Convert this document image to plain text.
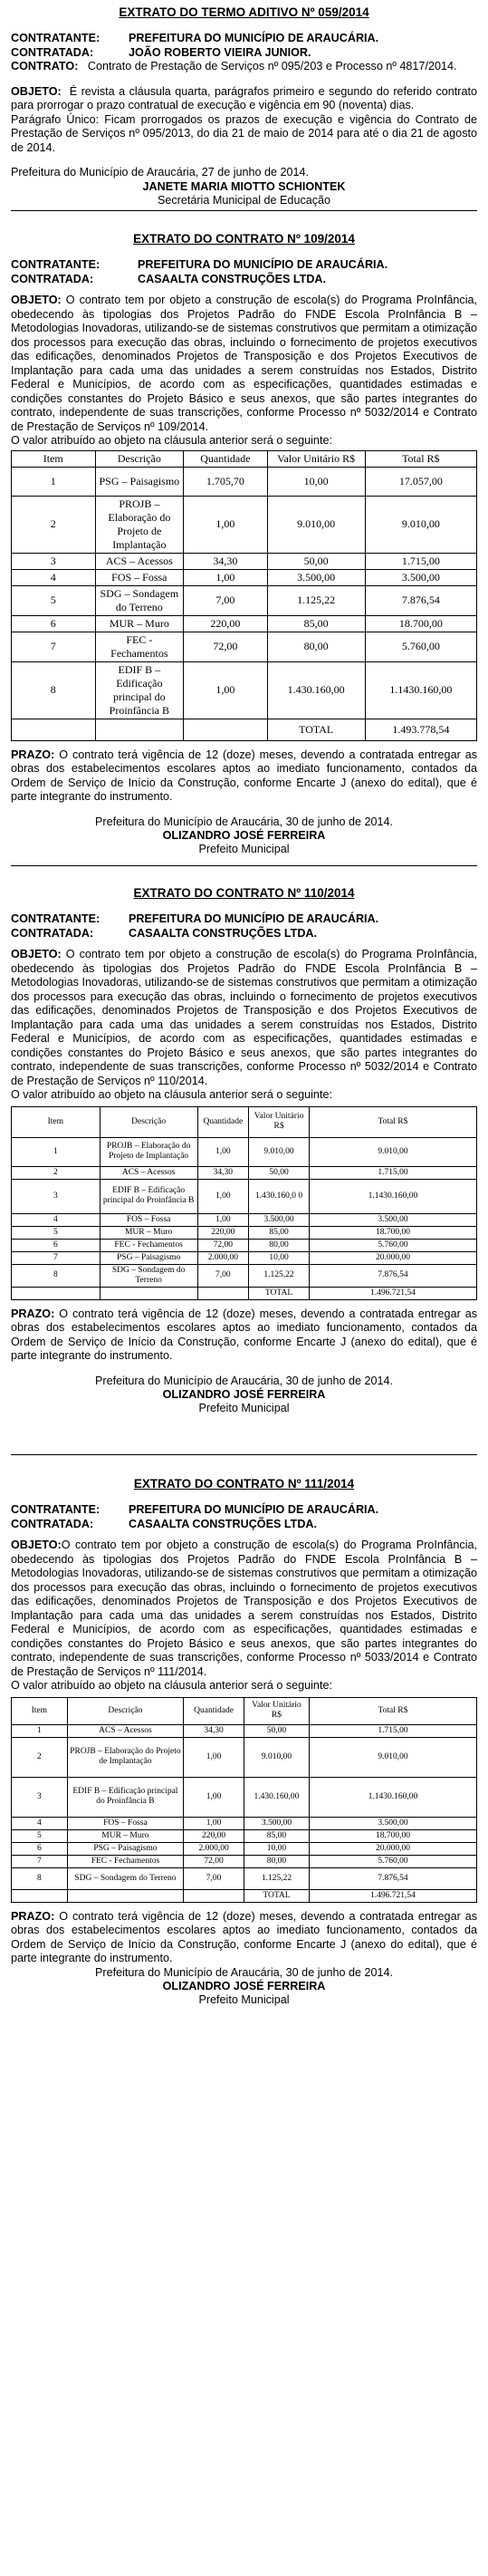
EXTRATO DO TERMO ADITIVO Nº 059/2014
CONTRATANTE:	PREFEITURA DO MUNICÍPIO DE ARAUCÁRIA.
CONTRATADA:	JOÃO ROBERTO VIEIRA JUNIOR.

CONTRATO: Contrato de Prestação de Serviços nº 095/203 e Processo nº 4817/2014.

OBJETO: É revista a cláusula quarta, parágrafos primeiro e segundo do referido contrato para prorrogar o prazo contratual de execução e vigência em 90 (noventa) dias.

Parágrafo Único: Ficam prorrogados os prazos de execução e vigência do Contrato de Prestação de Serviços nº 095/2013, do dia 21 de maio de 2014 para até o dia 21 de agosto de 2014.

Prefeitura do Município de Araucária, 27 de junho de 2014.

JANETE MARIA MIOTTO SCHIONTEK
Secretária Municipal de Educação
EXTRATO DO CONTRATO Nº 109/2014
CONTRATANTE:	PREFEITURA DO MUNICÍPIO DE ARAUCÁRIA.
CONTRATADA:	CASAALTA CONSTRUÇÕES LTDA.

OBJETO: O contrato tem por objeto a construção de escola(s) do Programa ProInfância, obedecendo às tipologias dos Projetos Padrão do FNDE Escola ProInfância B – Metodologias Inovadoras, utilizando-se de sistemas construtivos que permitam a otimização dos processos para execução das obras, incluindo o fornecimento de projetos executivos das edificações, denominados Projetos de Transposição e dos Projetos Executivos de Implantação para cada uma das unidades a serem construídas nos Estados, Distrito Federal e Municípios, de acordo com as especificações, quantidades estimadas e condições constantes do Projeto Básico e seus anexos, que são partes integrantes do contrato, independente de suas transcrições, conforme Processo nº 5032/2014 e Contrato de Prestação de Serviços nº 109/2014.

O valor atribuído ao objeto na cláusula anterior será o seguinte:

Item	Descrição	Quantidade	Valor Unitário R$	Total R$
1	PSG – Paisagismo	1.705,70	10,00	17.057,00
2	PROJB – Elaboração do Projeto de Implantação	1,00	9.010,00	9.010,00
3	ACS – Acessos	34,30	50,00	1.715,00
4	FOS – Fossa	1,00	3.500,00	3.500,00
5	SDG – Sondagem do Terreno	7,00	1.125,22	7.876,54
6	MUR – Muro	220,00	85,00	18.700,00
7	FEC - Fechamentos	72,00	80,00	5.760,00
8	EDIF B – Edificação principal do Proinfância B	1,00	1.430.160,00	1.1430.160,00
			TOTAL	1.493.778,54

PRAZO: O contrato terá vigência de 12 (doze) meses, devendo a contratada entregar as obras dos estabelecimentos escolares aptos ao imediato funcionamento, contados da Ordem de Serviço de Início da Construção, conforme Encarte J (anexo do edital), que é parte integrante do instrumento.

Prefeitura do Município de Araucária, 30 de junho de 2014.
OLIZANDRO JOSÉ FERREIRA
Prefeito Municipal
EXTRATO DO CONTRATO Nº 110/2014
CONTRATANTE:	PREFEITURA DO MUNICÍPIO DE ARAUCÁRIA.
CONTRATADA:	CASAALTA CONSTRUÇÕES LTDA.

OBJETO: O contrato tem por objeto a construção de escola(s) do Programa ProInfância, obedecendo às tipologias dos Projetos Padrão do FNDE Escola ProInfância B – Metodologias Inovadoras, utilizando-se de sistemas construtivos que permitam a otimização dos processos para execução das obras, incluindo o fornecimento de projetos executivos das edificações, denominados Projetos de Transposição e dos Projetos Executivos de Implantação para cada uma das unidades a serem construídas nos Estados, Distrito Federal e Municípios, de acordo com as especificações, quantidades estimadas e condições constantes do Projeto Básico e seus anexos, que são partes integrantes do contrato, independente de suas transcrições, conforme Processo nº 5032/2014 e Contrato de Prestação de Serviços nº 110/2014.

O valor atribuído ao objeto na cláusula anterior será o seguinte:

Item	Descrição	Quantidade	Valor Unitário R$	Total R$
1	PROJB – Elaboração do Projeto de Implantação	1,00	9.010,00	9.010,00
2	ACS – Acessos	34,30	50,00	1.715,00
3	EDIF B – Edificação principal do Proinfância B	1,00	1.430.160,0 0	1.1430.160,00
4	FOS – Fossa	1,00	3.500,00	3.500,00
5	MUR – Muro	220,00	85,00	18.700,00
6	FEC - Fechamentos	72,00	80,00	5.760,00
7	PSG – Paisagismo	2.000,00	10,00	20.000,00
8	SDG – Sondagem do Terreno	7,00	1.125,22	7.876,54
			TOTAL	1.496.721,54

PRAZO: O contrato terá vigência de 12 (doze) meses, devendo a contratada entregar as obras dos estabelecimentos escolares aptos ao imediato funcionamento, contados da Ordem de Serviço de Início da Construção, conforme Encarte J (anexo do edital), que é parte integrante do instrumento.

Prefeitura do Município de Araucária, 30 de junho de 2014.
OLIZANDRO JOSÉ FERREIRA
Prefeito Municipal
EXTRATO DO CONTRATO Nº 111/2014
CONTRATANTE:	PREFEITURA DO MUNICÍPIO DE ARAUCÁRIA.
CONTRATADA:	CASAALTA CONSTRUÇÕES LTDA.

OBJETO:O contrato tem por objeto a construção de escola(s) do Programa ProInfância, obedecendo às tipologias dos Projetos Padrão do FNDE Escola ProInfância B – Metodologias Inovadoras, utilizando-se de sistemas construtivos que permitam a otimização dos processos para execução das obras, incluindo o fornecimento de projetos executivos das edificações, denominados Projetos de Transposição e dos Projetos Executivos de Implantação para cada uma das unidades a serem construídas nos Estados, Distrito Federal e Municípios, de acordo com as especificações, quantidades estimadas e condições constantes do Projeto Básico e seus anexos, que são partes integrantes do contrato, independente de suas transcrições, conforme Processo nº 5033/2014 e Contrato de Prestação de Serviços nº 111/2014.

O valor atribuído ao objeto na cláusula anterior será o seguinte:

Item	Descrição	Quantidade	Valor Unitário R$	Total R$
1	ACS – Acessos	34,30	50,00	1.715,00
2	PROJB – Elaboração do Projeto de Implantação	1,00	9.010,00	9.010,00
3	EDIF B – Edificação principal do Proinfância B	1,00	1.430.160,00	1.1430.160,00
4	FOS – Fossa	1,00	3.500,00	3.500,00
5	MUR – Muro	220,00	85,00	18.700,00
6	PSG – Paisagismo	2.000,00	10,00	20.000,00
7	FEC - Fechamentos	72,00	80,00	5.760,00
8	SDG – Sondagem do Terreno	7,00	1.125,22	7.876,54
			TOTAL	1.496.721,54

PRAZO: O contrato terá vigência de 12 (doze) meses, devendo a contratada entregar as obras dos estabelecimentos escolares aptos ao imediato funcionamento, contados da Ordem de Serviço de Início da Construção, conforme Encarte J (anexo do edital), que é parte integrante do instrumento.

Prefeitura do Município de Araucária, 30 de junho de 2014.

OLIZANDRO JOSÉ FERREIRA
Prefeito Municipal
